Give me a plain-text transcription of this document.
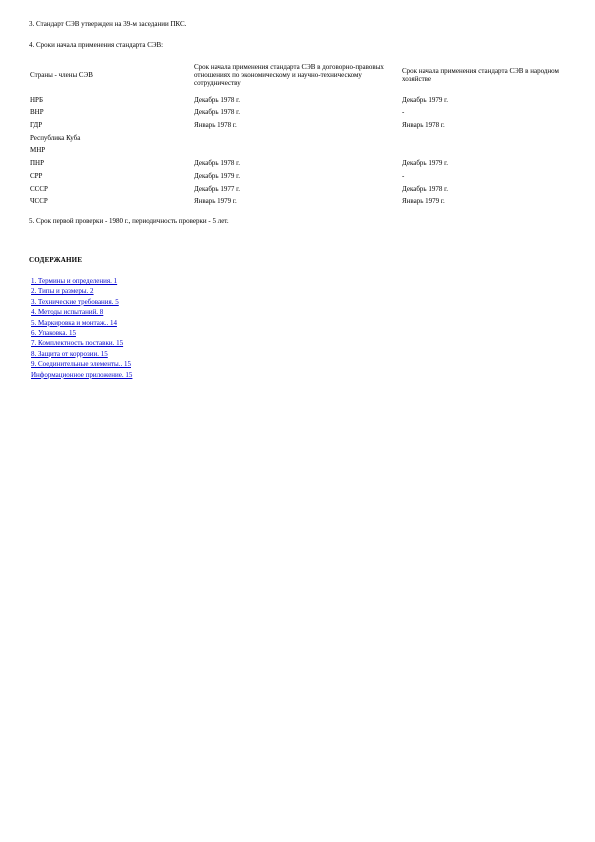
3. Стандарт СЭВ утвержден на 39-м заседании ПКС.
4. Сроки начала применения стандарта СЭВ:
Страны - члены СЭВ	Срок начала применения стандарта СЭВ в договорно-правовых отношениях по экономическому и научно-техническому сотрудничеству	Срок начала применения стандарта СЭВ в народном хозяйстве
НРБ	Декабрь 1978 г.	Декабрь 1979 г.
ВНР	Декабрь 1978 г.	-
ГДР	Январь 1978 г.	Январь 1978 г.
Республика Куба		
МНР		
ПНР	Декабрь 1978 г.	Декабрь 1979 г.
СРР	Декабрь 1979 г.	-
СССР	Декабрь 1977 г.	Декабрь 1978 г.
ЧССР	Январь 1979 г.	Январь 1979 г.
5. Срок первой проверки - 1980 г., периодичность проверки - 5 лет.
СОДЕРЖАНИЕ
1. Термины и определения. 1
2. Типы и размеры. 2
3. Технические требования. 5
4. Методы испытаний. 8
5. Маркировка и монтаж.. 14
6. Упаковка. 15
7. Комплектность поставки. 15
8. Защита от коррозии. 15
9. Соединительные элементы.. 15
Информационное приложение. 15
